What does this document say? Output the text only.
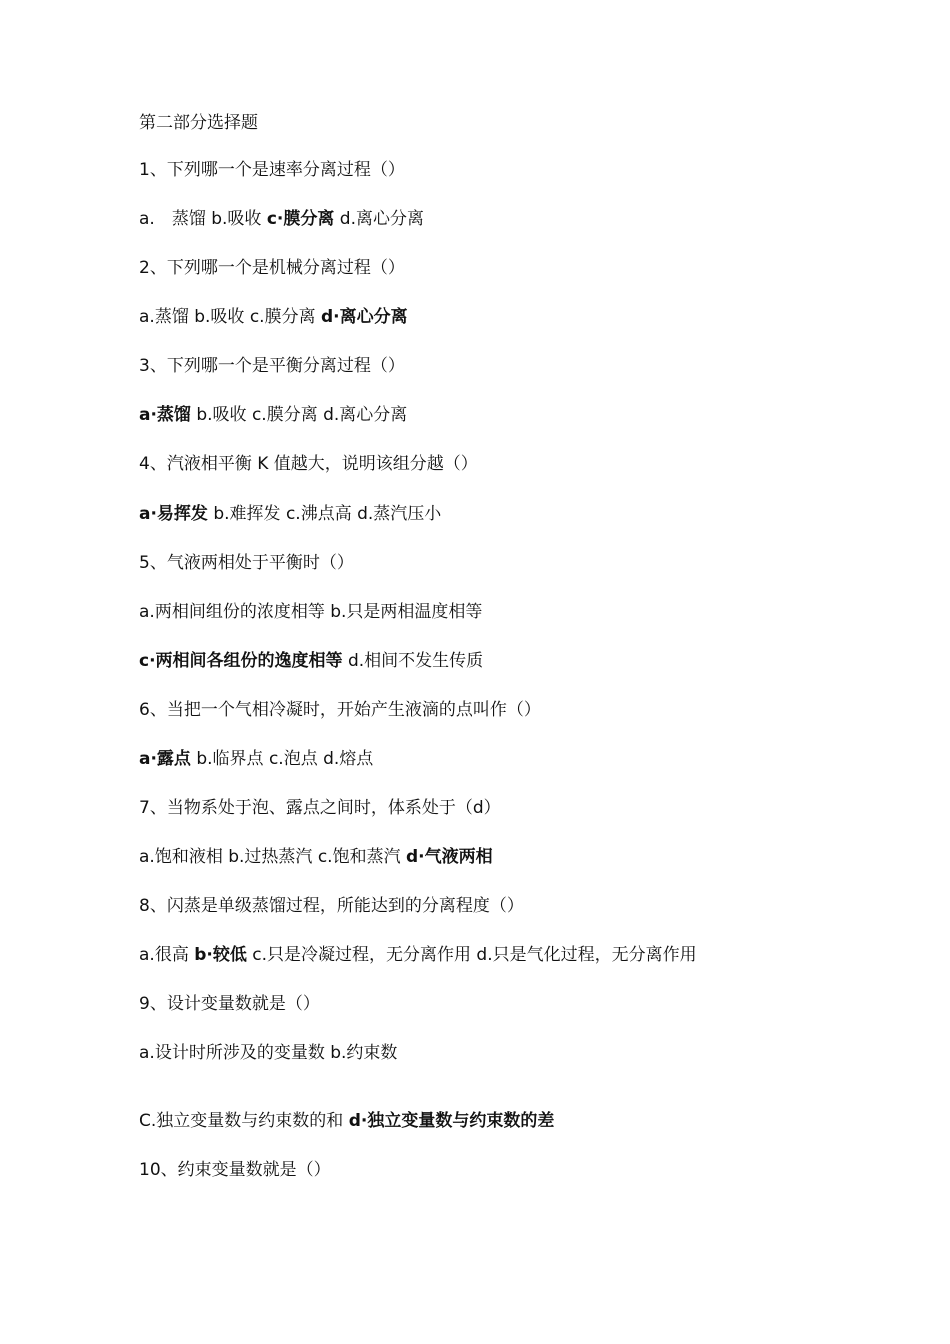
第二部分选择题
1、下列哪一个是速率分离过程（）
a.　蒸馏 b.吸收 c·膜分离 d.离心分离
2、下列哪一个是机械分离过程（）
a.蒸馏 b.吸收 c.膜分离 d·离心分离
3、下列哪一个是平衡分离过程（）
a·蒸馏 b.吸收 c.膜分离 d.离心分离
4、汽液相平衡 K 值越大，说明该组分越（）
a·易挥发 b.难挥发 c.沸点高 d.蒸汽压小
5、气液两相处于平衡时（）
a.两相间组份的浓度相等 b.只是两相温度相等
c·两相间各组份的逸度相等 d.相间不发生传质
6、当把一个气相冷凝时，开始产生液滴的点叫作（）
a·露点 b.临界点 c.泡点 d.熔点
7、当物系处于泡、露点之间时，体系处于（d）
a.饱和液相 b.过热蒸汽 c.饱和蒸汽 d·气液两相
8、闪蒸是单级蒸馏过程，所能达到的分离程度（）
a.很高 b·较低 c.只是冷凝过程，无分离作用 d.只是气化过程，无分离作用
9、设计变量数就是（）
a.设计时所涉及的变量数 b.约束数
C.独立变量数与约束数的和 d·独立变量数与约束数的差
10、约束变量数就是（）
